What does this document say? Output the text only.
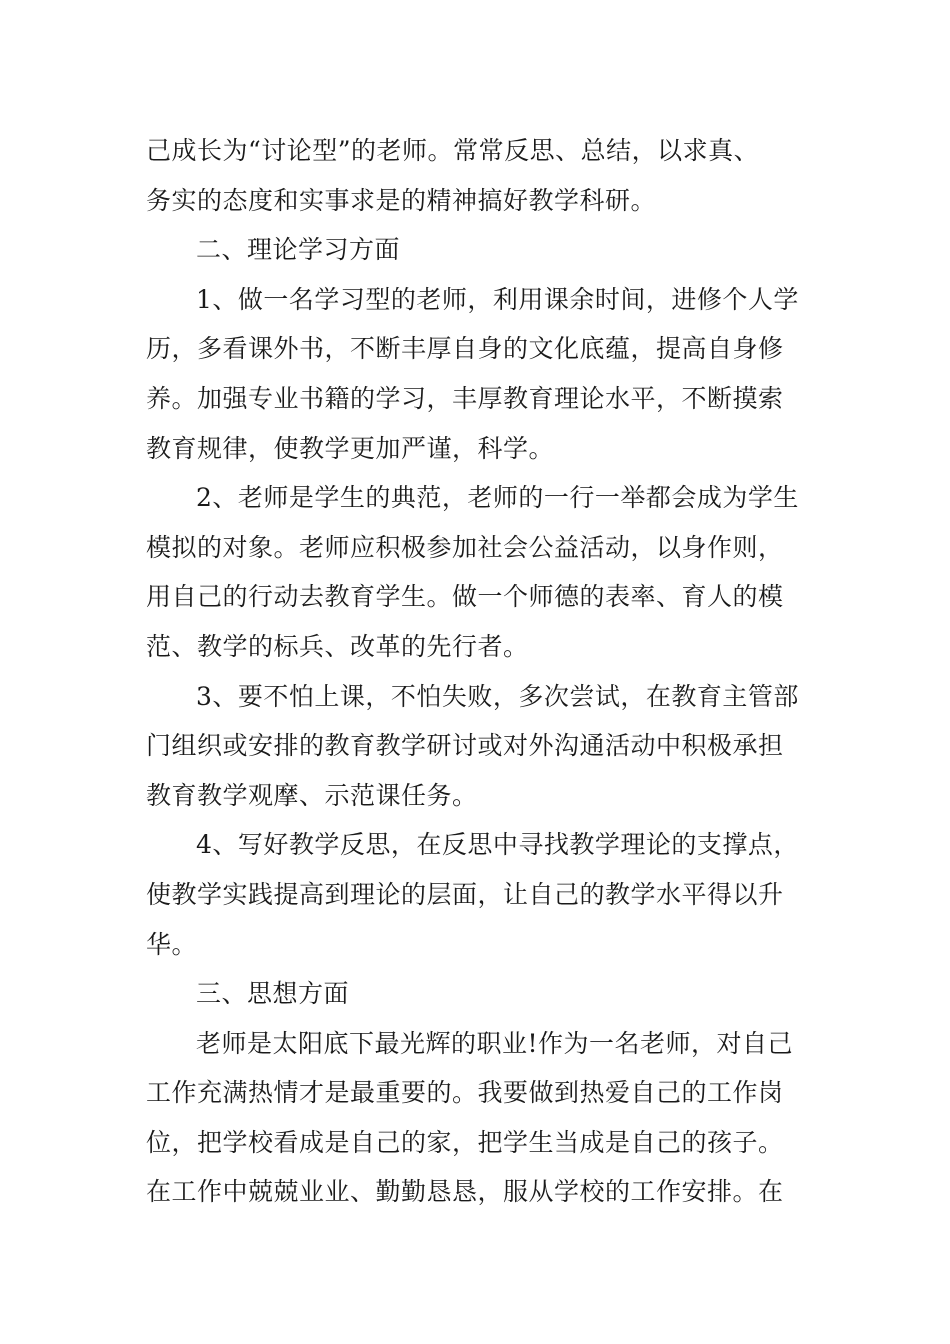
己成长为“讨论型”的老师。常常反思、总结，以求真、
务实的态度和实事求是的精神搞好教学科研。
二、理论学习方面
1、做一名学习型的老师，利用课余时间，进修个人学
历，多看课外书，不断丰厚自身的文化底蕴，提高自身修
养。加强专业书籍的学习，丰厚教育理论水平，不断摸索
教育规律，使教学更加严谨，科学。
2、老师是学生的典范，老师的一行一举都会成为学生
模拟的对象。老师应积极参加社会公益活动，以身作则，
用自己的行动去教育学生。做一个师德的表率、育人的模
范、教学的标兵、改革的先行者。
3、要不怕上课，不怕失败，多次尝试，在教育主管部
门组织或安排的教育教学研讨或对外沟通活动中积极承担
教育教学观摩、示范课任务。
4、写好教学反思，在反思中寻找教学理论的支撑点，
使教学实践提高到理论的层面，让自己的教学水平得以升
华。
三、思想方面
老师是太阳底下最光辉的职业!作为一名老师，对自己
工作充满热情才是最重要的。我要做到热爱自己的工作岗
位，把学校看成是自己的家，把学生当成是自己的孩子。
在工作中兢兢业业、勤勤恳恳，服从学校的工作安排。在
